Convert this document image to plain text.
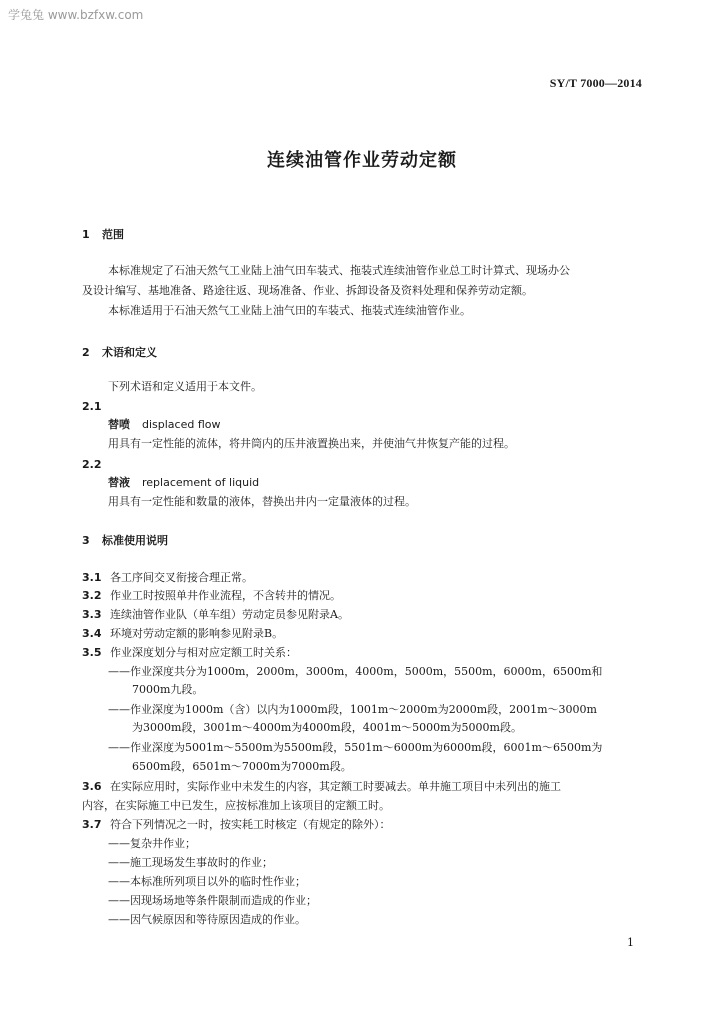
学兔兔 www.bzfxw.com
SY/T 7000—2014
连续油管作业劳动定额
1 范围
本标准规定了石油天然气工业陆上油气田车装式、拖装式连续油管作业总工时计算式、现场办公
及设计编写、基地准备、路途往返、现场准备、作业、拆卸设备及资料处理和保养劳动定额。
本标准适用于石油天然气工业陆上油气田的车装式、拖装式连续油管作业。
2 术语和定义
下列术语和定义适用于本文件。
2.1
替喷 displaced flow
用具有一定性能的流体，将井筒内的压井液置换出来，并使油气井恢复产能的过程。
2.2
替液 replacement of liquid
用具有一定性能和数量的液体，替换出井内一定量液体的过程。
3 标准使用说明
3.1 各工序间交叉衔接合理正常。
3.2 作业工时按照单井作业流程，不含转井的情况。
3.3 连续油管作业队（单车组）劳动定员参见附录A。
3.4 环境对劳动定额的影响参见附录B。
3.5 作业深度划分与相对应定额工时关系：
——作业深度共分为1000m，2000m，3000m，4000m，5000m，5500m，6000m，6500m和
7000m九段。
——作业深度为1000m（含）以内为1000m段，1001m～2000m为2000m段，2001m～3000m
为3000m段，3001m～4000m为4000m段，4001m～5000m为5000m段。
——作业深度为5001m～5500m为5500m段，5501m～6000m为6000m段，6001m～6500m为
6500m段，6501m～7000m为7000m段。
3.6 在实际应用时，实际作业中未发生的内容，其定额工时要减去。单井施工项目中未列出的施工
内容，在实际施工中已发生，应按标准加上该项目的定额工时。
3.7 符合下列情况之一时，按实耗工时核定（有规定的除外）：
——复杂井作业；
——施工现场发生事故时的作业；
——本标准所列项目以外的临时性作业；
——因现场场地等条件限制而造成的作业；
——因气候原因和等待原因造成的作业。
1
